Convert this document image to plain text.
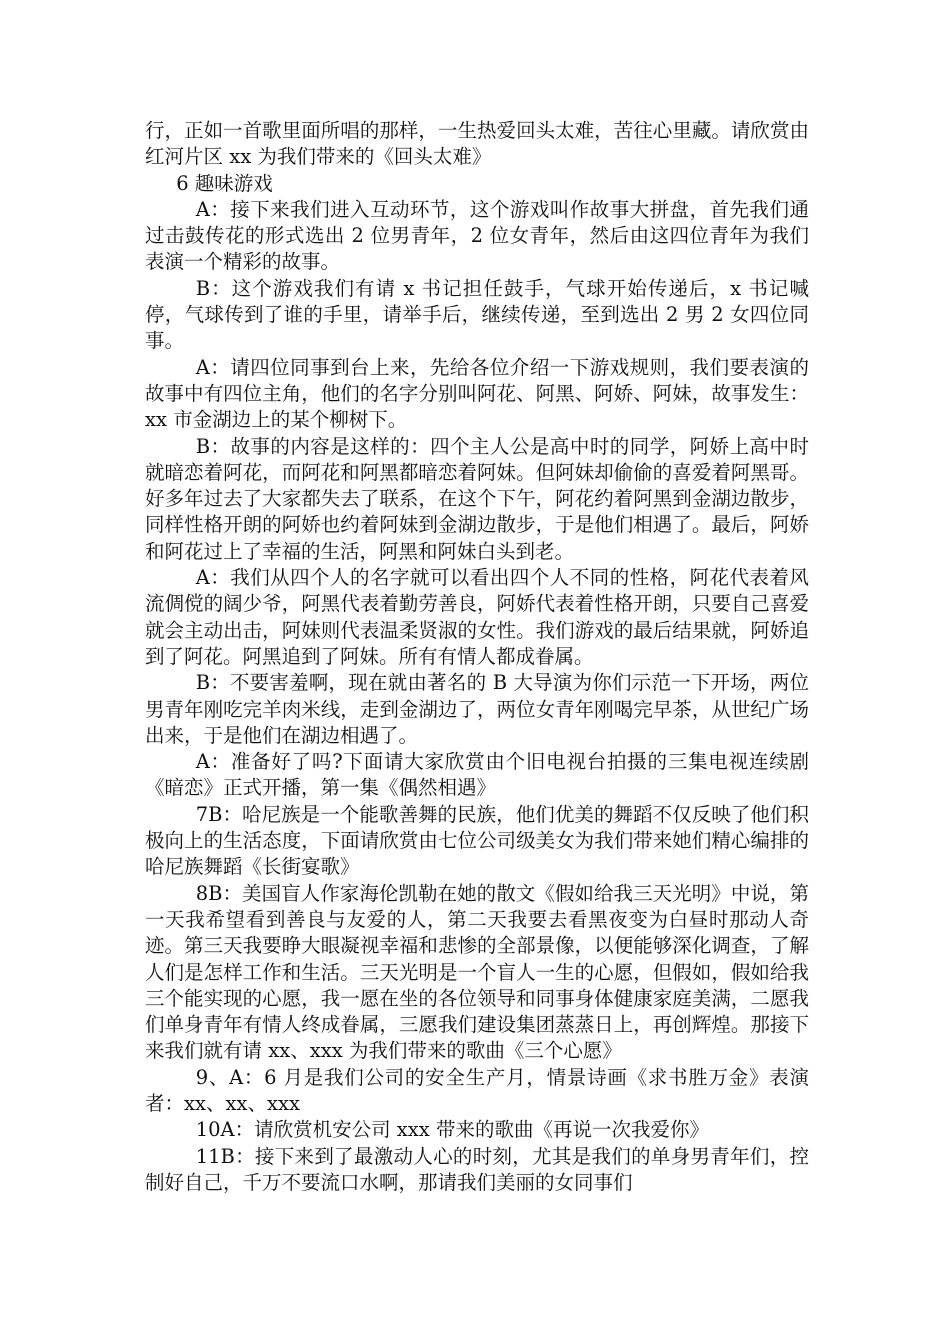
行，正如一首歌里面所唱的那样，一生热爱回头太难，苦往心里藏。请欣赏由红河片区 xx 为我们带来的《回头太难》

6 趣味游戏

A：接下来我们进入互动环节，这个游戏叫作故事大拼盘，首先我们通过击鼓传花的形式选出 2 位男青年，2 位女青年，然后由这四位青年为我们表演一个精彩的故事。

B：这个游戏我们有请 x 书记担任鼓手，气球开始传递后，x 书记喊停，气球传到了谁的手里，请举手后，继续传递，至到选出 2 男 2 女四位同事。

A：请四位同事到台上来，先给各位介绍一下游戏规则，我们要表演的故事中有四位主角，他们的名字分别叫阿花、阿黑、阿娇、阿妹，故事发生：xx 市金湖边上的某个柳树下。

B：故事的内容是这样的：四个主人公是高中时的同学，阿娇上高中时就暗恋着阿花，而阿花和阿黑都暗恋着阿妹。但阿妹却偷偷的喜爱着阿黑哥。好多年过去了大家都失去了联系，在这个下午，阿花约着阿黑到金湖边散步，同样性格开朗的阿娇也约着阿妹到金湖边散步，于是他们相遇了。最后，阿娇和阿花过上了幸福的生活，阿黑和阿妹白头到老。

A：我们从四个人的名字就可以看出四个人不同的性格，阿花代表着风流倜傥的阔少爷，阿黑代表着勤劳善良，阿娇代表着性格开朗，只要自己喜爱就会主动出击，阿妹则代表温柔贤淑的女性。我们游戏的最后结果就，阿娇追到了阿花。阿黑追到了阿妹。所有有情人都成眷属。

B：不要害羞啊，现在就由著名的 B 大导演为你们示范一下开场，两位男青年刚吃完羊肉米线，走到金湖边了，两位女青年刚喝完早茶，从世纪广场出来，于是他们在湖边相遇了。

A：准备好了吗?下面请大家欣赏由个旧电视台拍摄的三集电视连续剧《暗恋》正式开播，第一集《偶然相遇》

7B：哈尼族是一个能歌善舞的民族，他们优美的舞蹈不仅反映了他们积极向上的生活态度，下面请欣赏由七位公司级美女为我们带来她们精心编排的哈尼族舞蹈《长街宴歌》

8B：美国盲人作家海伦凯勒在她的散文《假如给我三天光明》中说，第一天我希望看到善良与友爱的人，第二天我要去看黑夜变为白昼时那动人奇迹。第三天我要睁大眼凝视幸福和悲惨的全部景像，以便能够深化调查，了解人们是怎样工作和生活。三天光明是一个盲人一生的心愿，但假如，假如给我三个能实现的心愿，我一愿在坐的各位领导和同事身体健康家庭美满，二愿我们单身青年有情人终成眷属，三愿我们建设集团蒸蒸日上，再创辉煌。那接下来我们就有请 xx、xxx 为我们带来的歌曲《三个心愿》

9、A：6 月是我们公司的安全生产月，情景诗画《求书胜万金》表演者：xx、xx、xxx

10A：请欣赏机安公司 xxx 带来的歌曲《再说一次我爱你》

11B：接下来到了最激动人心的时刻，尤其是我们的单身男青年们，控制好自己，千万不要流口水啊，那请我们美丽的女同事们
